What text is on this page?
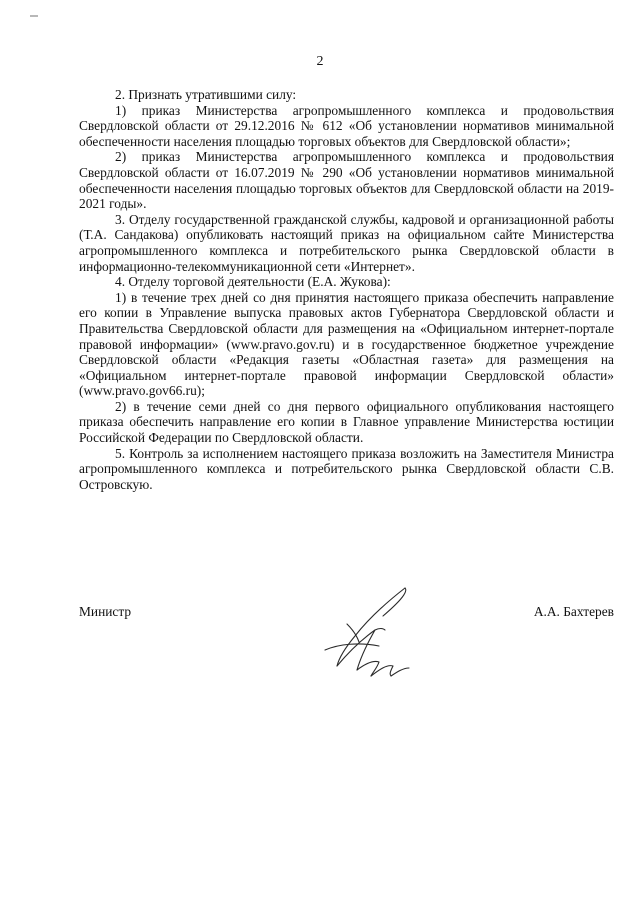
2

2. Признать утратившими силу:

1) приказ Министерства агропромышленного комплекса и продовольствия Свердловской области от 29.12.2016 № 612 «Об установлении нормативов минимальной обеспеченности населения площадью торговых объектов для Свердловской области»;

2) приказ Министерства агропромышленного комплекса и продовольствия Свердловской области от 16.07.2019 № 290 «Об установлении нормативов минимальной обеспеченности населения площадью торговых объектов для Свердловской области на 2019-2021 годы».

3. Отделу государственной гражданской службы, кадровой и организационной работы (Т.А. Сандакова) опубликовать настоящий приказ на официальном сайте Министерства агропромышленного комплекса и потребительского рынка Свердловской области в информационно-телекоммуникационной сети «Интернет».

4. Отделу торговой деятельности (Е.А. Жукова):

1) в течение трех дней со дня принятия настоящего приказа обеспечить направление его копии в Управление выпуска правовых актов Губернатора Свердловской области и Правительства Свердловской области для размещения на «Официальном интернет-портале правовой информации» (www.pravo.gov.ru) и в государственное бюджетное учреждение Свердловской области «Редакция газеты «Областная газета» для размещения на «Официальном интернет-портале правовой информации Свердловской области» (www.pravo.gov66.ru);

2) в течение семи дней со дня первого официального опубликования настоящего приказа обеспечить направление его копии в Главное управление Министерства юстиции Российской Федерации по Свердловской области.

5. Контроль за исполнением настоящего приказа возложить на Заместителя Министра агропромышленного комплекса и потребительского рынка Свердловской области С.В. Островскую.

Министр	А.А. Бахтерев
